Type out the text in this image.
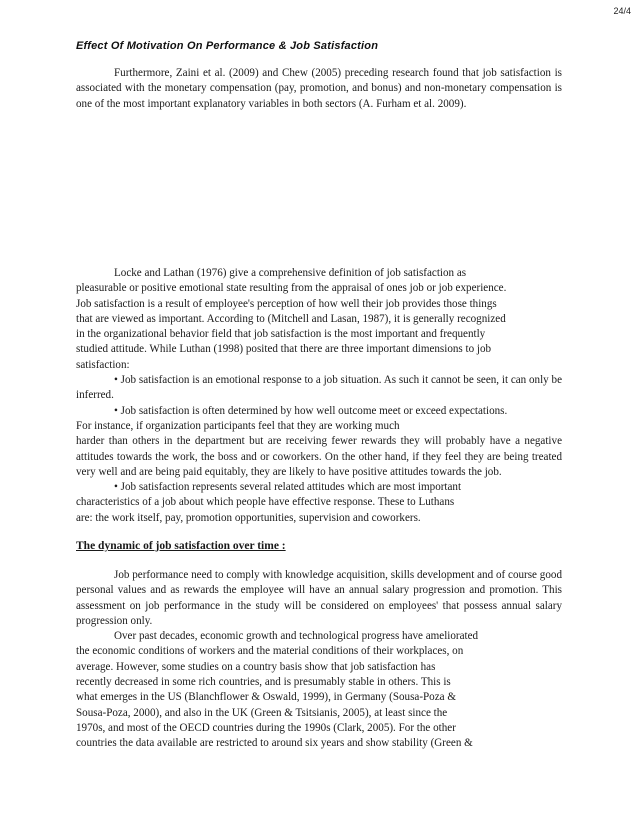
24/4
Effect Of Motivation On Performance & Job Satisfaction

Furthermore, Zaini et al. (2009) and Chew (2005) preceding research found that job satisfaction is associated with the monetary compensation (pay, promotion, and bonus) and non-monetary compensation is one of the most important explanatory variables in both sectors (A. Furham et al. 2009).

Locke and Lathan (1976) give a comprehensive definition of job satisfaction as
pleasurable or positive emotional state resulting from the appraisal of ones job or job experience.
Job satisfaction is a result of employee's perception of how well their job provides those things
that are viewed as important. According to (Mitchell and Lasan, 1987), it is generally recognized
in the organizational behavior field that job satisfaction is the most important and frequently
studied attitude. While Luthan (1998) posited that there are three important dimensions to job
satisfaction:

• Job satisfaction is an emotional response to a job situation. As such it cannot be seen, it can only be inferred.

• Job satisfaction is often determined by how well outcome meet or exceed expectations.
For instance, if organization participants feel that they are working much

harder than others in the department but are receiving fewer rewards they will probably have a negative attitudes towards the work, the boss and or coworkers. On the other hand, if they feel they are being treated very well and are being paid equitably, they are likely to have positive attitudes towards the job.

• Job satisfaction represents several related attitudes which are most important
characteristics of a job about which people have effective response. These to Luthans
are: the work itself, pay, promotion opportunities, supervision and coworkers.

The dynamic of job satisfaction over time :

Job performance need to comply with knowledge acquisition, skills development and of course good personal values and as rewards the employee will have an annual salary progression and promotion. This assessment on job performance in the study will be considered on employees' that possess annual salary progression only.

Over past decades, economic growth and technological progress have ameliorated
the economic conditions of workers and the material conditions of their workplaces, on
average. However, some studies on a country basis show that job satisfaction has
recently decreased in some rich countries, and is presumably stable in others. This is
what emerges in the US (Blanchflower & Oswald, 1999), in Germany (Sousa-Poza &
Sousa-Poza, 2000), and also in the UK (Green & Tsitsianis, 2005), at least since the
1970s, and most of the OECD countries during the 1990s (Clark, 2005). For the other
countries the data available are restricted to around six years and show stability (Green &
